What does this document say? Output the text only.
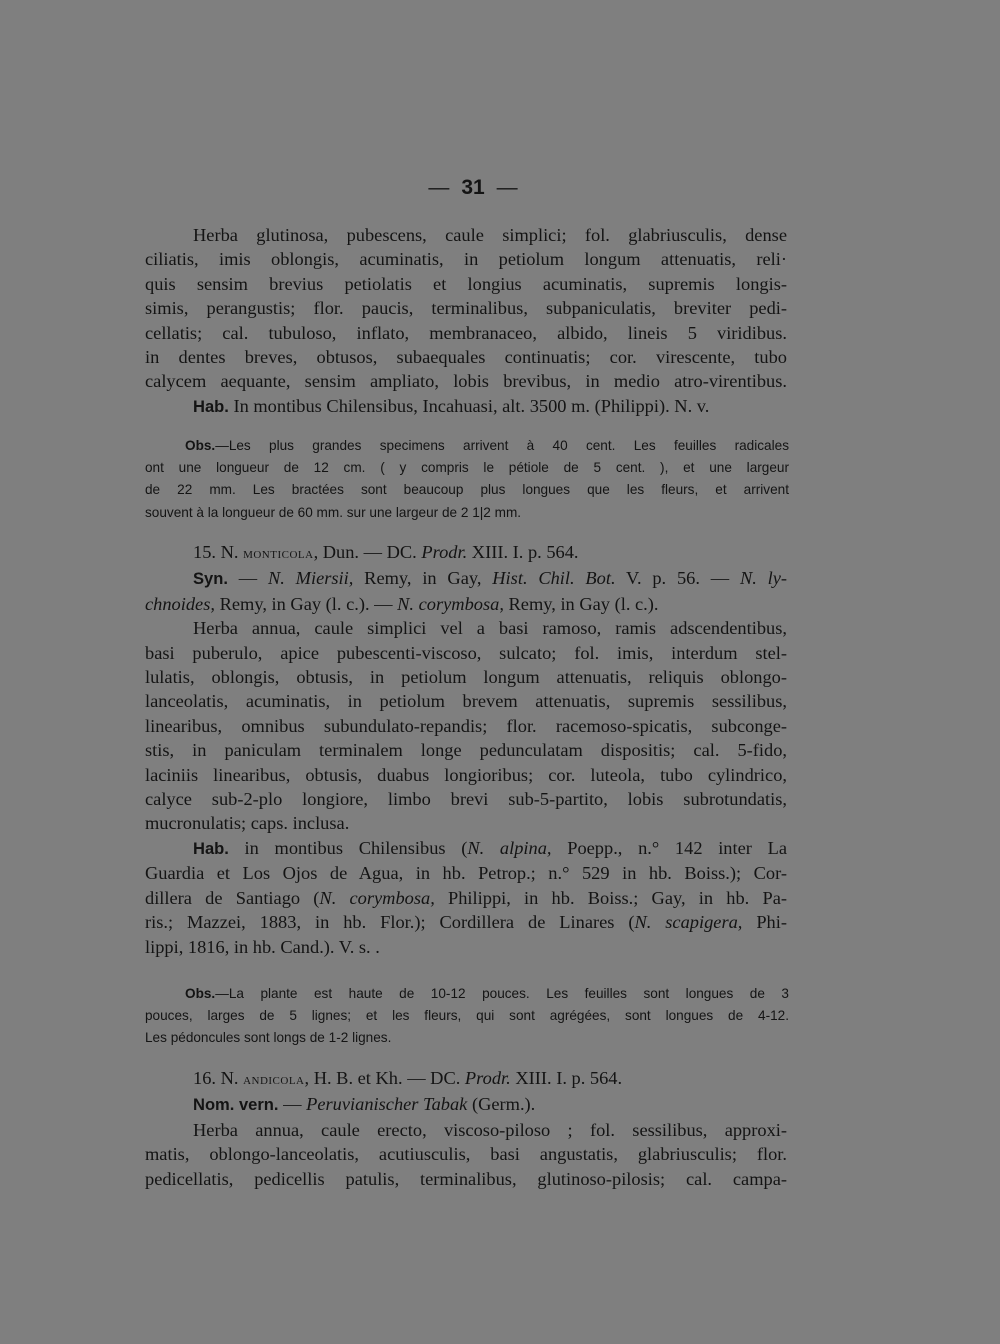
— 31 —
Herba glutinosa, pubescens, caule simplici; fol. glabriusculis, dense
ciliatis, imis oblongis, acuminatis, in petiolum longum attenuatis, reli·
quis sensim brevius petiolatis et longius acuminatis, supremis longis-
simis, perangustis; flor. paucis, terminalibus, subpaniculatis, breviter pedi-
cellatis; cal. tubuloso, inflato, membranaceo, albido, lineis 5 viridibus.
in dentes breves, obtusos, subaequales continuatis; cor. virescente, tubo
calycem aequante, sensim ampliato, lobis brevibus, in medio atro-virentibus.
Hab. In montibus Chilensibus, Incahuasi, alt. 3500 m. (Philippi). N. v.
Obs.—Les plus grandes specimens arrivent à 40 cent. Les feuilles radicales
ont une longueur de 12 cm. ( y compris le pétiole de 5 cent. ), et une largeur
de 22 mm. Les bractées sont beaucoup plus longues que les fleurs, et arrivent
souvent à la longueur de 60 mm. sur une largeur de 2 1|2 mm.
15. N. monticola, Dun. — DC. Prodr. XIII. I. p. 564.
Syn. — N. Miersii, Remy, in Gay, Hist. Chil. Bot. V. p. 56. — N. ly-
chnoides, Remy, in Gay (l. c.). — N. corymbosa, Remy, in Gay (l. c.).
Herba annua, caule simplici vel a basi ramoso, ramis adscendentibus,
basi puberulo, apice pubescenti-viscoso, sulcato; fol. imis, interdum stel-
lulatis, oblongis, obtusis, in petiolum longum attenuatis, reliquis oblongo-
lanceolatis, acuminatis, in petiolum brevem attenuatis, supremis sessilibus,
linearibus, omnibus subundulato-repandis; flor. racemoso-spicatis, subconge-
stis, in paniculam terminalem longe pedunculatam dispositis; cal. 5-fido,
laciniis linearibus, obtusis, duabus longioribus; cor. luteola, tubo cylindrico,
calyce sub-2-plo longiore, limbo brevi sub-5-partito, lobis subrotundatis,
mucronulatis; caps. inclusa.
Hab. in montibus Chilensibus (N. alpina, Poepp., n.° 142 inter La
Guardia et Los Ojos de Agua, in hb. Petrop.; n.° 529 in hb. Boiss.); Cor-
dillera de Santiago (N. corymbosa, Philippi, in hb. Boiss.; Gay, in hb. Pa-
ris.; Mazzei, 1883, in hb. Flor.); Cordillera de Linares (N. scapigera, Phi-
lippi, 1816, in hb. Cand.). V. s. .
Obs.—La plante est haute de 10-12 pouces. Les feuilles sont longues de 3
pouces, larges de 5 lignes; et les fleurs, qui sont agrégées, sont longues de 4-12.
Les pédoncules sont longs de 1-2 lignes.
16. N. andicola, H. B. et Kh. — DC. Prodr. XIII. I. p. 564.
Nom. vern. — Peruvianischer Tabak (Germ.).
Herba annua, caule erecto, viscoso-piloso ; fol. sessilibus, approxi-
matis, oblongo-lanceolatis, acutiusculis, basi angustatis, glabriusculis; flor.
pedicellatis, pedicellis patulis, terminalibus, glutinoso-pilosis; cal. campa-
